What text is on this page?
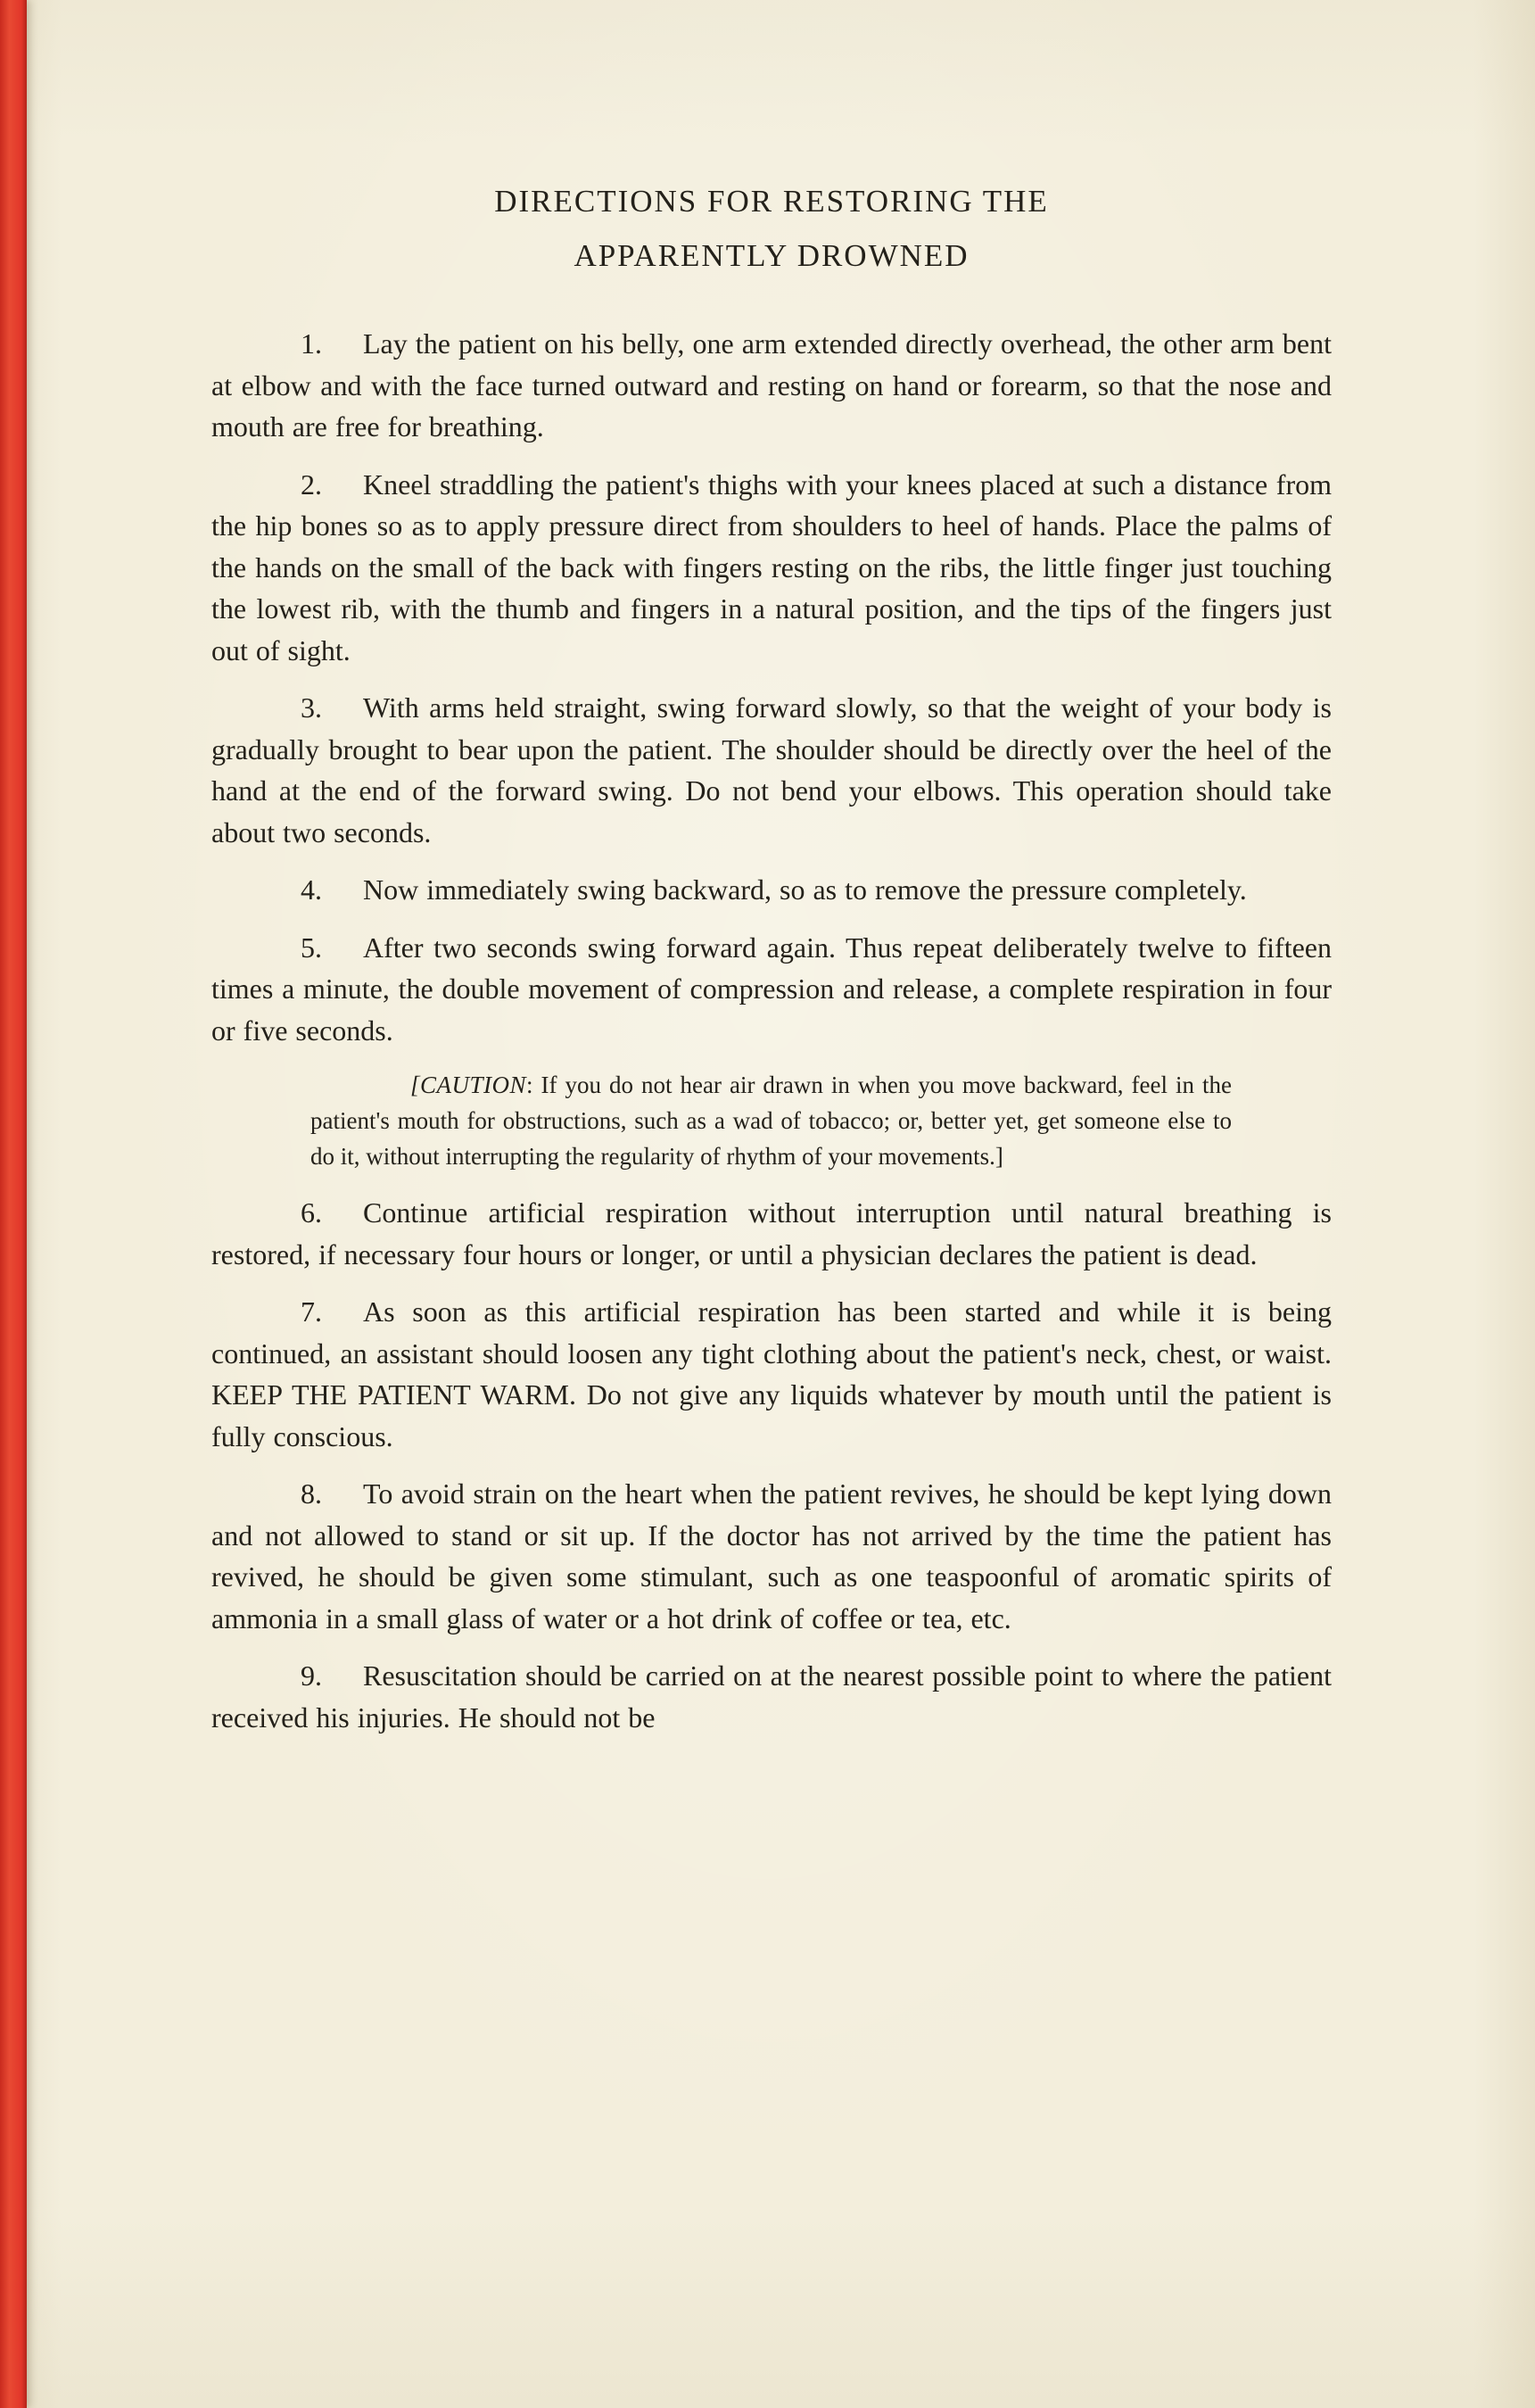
DIRECTIONS FOR RESTORING THE
APPARENTLY DROWNED

1. Lay the patient on his belly, one arm extended directly overhead, the other arm bent at elbow and with the face turned outward and resting on hand or forearm, so that the nose and mouth are free for breathing.

2. Kneel straddling the patient's thighs with your knees placed at such a distance from the hip bones so as to apply pressure direct from shoulders to heel of hands. Place the palms of the hands on the small of the back with fingers resting on the ribs, the little finger just touching the lowest rib, with the thumb and fingers in a natural position, and the tips of the fingers just out of sight.

3. With arms held straight, swing forward slowly, so that the weight of your body is gradually brought to bear upon the patient. The shoulder should be directly over the heel of the hand at the end of the forward swing. Do not bend your elbows. This operation should take about two seconds.

4. Now immediately swing backward, so as to remove the pressure completely.

5. After two seconds swing forward again. Thus repeat deliberately twelve to fifteen times a minute, the double movement of compression and release, a complete respiration in four or five seconds.

[CAUTION: If you do not hear air drawn in when you move backward, feel in the patient's mouth for obstructions, such as a wad of tobacco; or, better yet, get someone else to do it, without interrupting the regularity of rhythm of your movements.]

6. Continue artificial respiration without interruption until natural breathing is restored, if necessary four hours or longer, or until a physician declares the patient is dead.

7. As soon as this artificial respiration has been started and while it is being continued, an assistant should loosen any tight clothing about the patient's neck, chest, or waist. KEEP THE PATIENT WARM. Do not give any liquids whatever by mouth until the patient is fully conscious.

8. To avoid strain on the heart when the patient revives, he should be kept lying down and not allowed to stand or sit up. If the doctor has not arrived by the time the patient has revived, he should be given some stimulant, such as one teaspoonful of aromatic spirits of ammonia in a small glass of water or a hot drink of coffee or tea, etc.

9. Resuscitation should be carried on at the nearest possible point to where the patient received his injuries. He should not be
